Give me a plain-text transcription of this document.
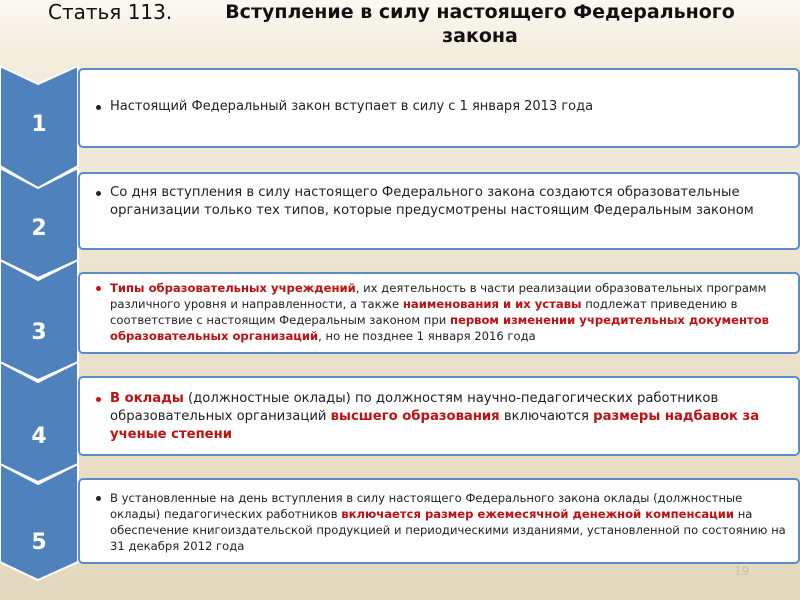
Статья 113.	Вступление в силу настоящего Федерального закона
1
2
3
4
5
Настоящий Федеральный закон вступает в силу с 1 января 2013 года
Со дня вступления в силу настоящего Федерального закона создаются образовательные организации только тех типов, которые предусмотрены настоящим Федеральным законом
Типы образовательных учреждений, их деятельность в части реализации образовательных программ различного уровня и направленности, а также наименования и их уставы подлежат приведению в соответствие с настоящим Федеральным законом при первом изменении учредительных документов образовательных организаций, но не позднее 1 января 2016 года
В оклады (должностные оклады) по должностям научно-педагогических работников образовательных организаций высшего образования включаются размеры надбавок за ученые степени
В установленные на день вступления в силу настоящего Федерального закона оклады (должностные оклады) педагогических работников включается размер ежемесячной денежной компенсации на обеспечение книгоиздательской продукцией и периодическими изданиями, установленной по состоянию на 31 декабря 2012 года
19
